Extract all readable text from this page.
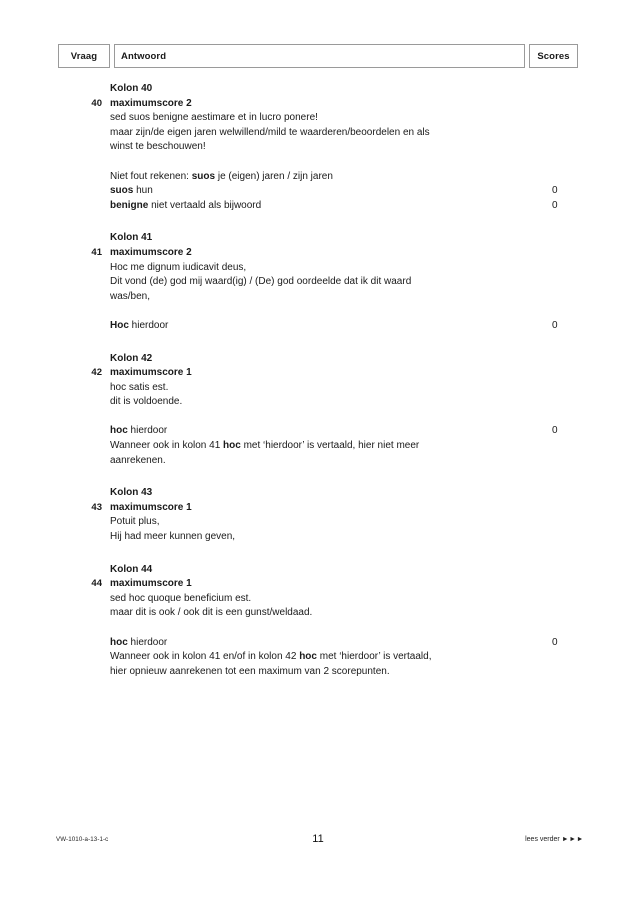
Vraag	Antwoord	Scores
Kolon 40
40 maximumscore 2
sed suos benigne aestimare et in lucro ponere!
maar zijn/de eigen jaren welwillend/mild te waarderen/beoordelen en als
winst te beschouwen!
Niet fout rekenen: suos je (eigen) jaren / zijn jaren
suos hun	0
benigne niet vertaald als bijwoord	0
Kolon 41
41 maximumscore 2
Hoc me dignum iudicavit deus,
Dit vond (de) god mij waard(ig) / (De) god oordeelde dat ik dit waard
was/ben,
Hoc hierdoor	0
Kolon 42
42 maximumscore 1
hoc satis est.
dit is voldoende.
hoc hierdoor	0
Wanneer ook in kolon 41 hoc met ‘hierdoor’ is vertaald, hier niet meer
aanrekenen.
Kolon 43
43 maximumscore 1
Potuit plus,
Hij had meer kunnen geven,
Kolon 44
44 maximumscore 1
sed hoc quoque beneficium est.
maar dit is ook / ook dit is een gunst/weldaad.
hoc hierdoor	0
Wanneer ook in kolon 41 en/of in kolon 42 hoc met ‘hierdoor’ is vertaald,
hier opnieuw aanrekenen tot een maximum van 2 scorepunten.
VW-1010-a-13-1-c	11	lees verder ►►►
